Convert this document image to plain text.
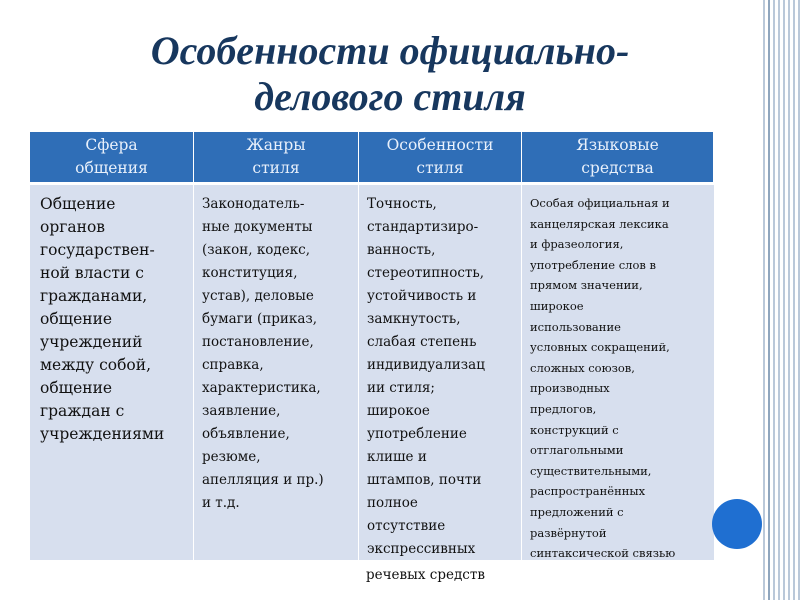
Особенности официально-
делового стиля
Сфера
общения
Жанры
стиля
Особенности
стиля
Языковые
средства
Общение
органов
государствен-
ной власти с
гражданами,
общение
учреждений
между собой,
общение
граждан с
учреждениями
Законодатель-
ные документы
(закон, кодекс,
конституция,
устав), деловые
бумаги (приказ,
постановление,
справка,
характеристика,
заявление,
объявление,
резюме,
апелляция и пр.)
и т.д.
Точность,
стандартизиро-
ванность,
стереотипность,
устойчивость и
замкнутость,
слабая степень
индивидуализац
ии стиля;
широкое
употребление
клише и
штампов, почти
полное
отсутствие
экспрессивных
Особая официальная и
канцелярская лексика
и фразеология,
употребление слов в
прямом значении,
широкое
использование
условных сокращений,
сложных союзов,
производных
предлогов,
конструкций с
отглагольными
существительными,
распространённых
предложений с
развёрнутой
синтаксической связью
речевых средств
